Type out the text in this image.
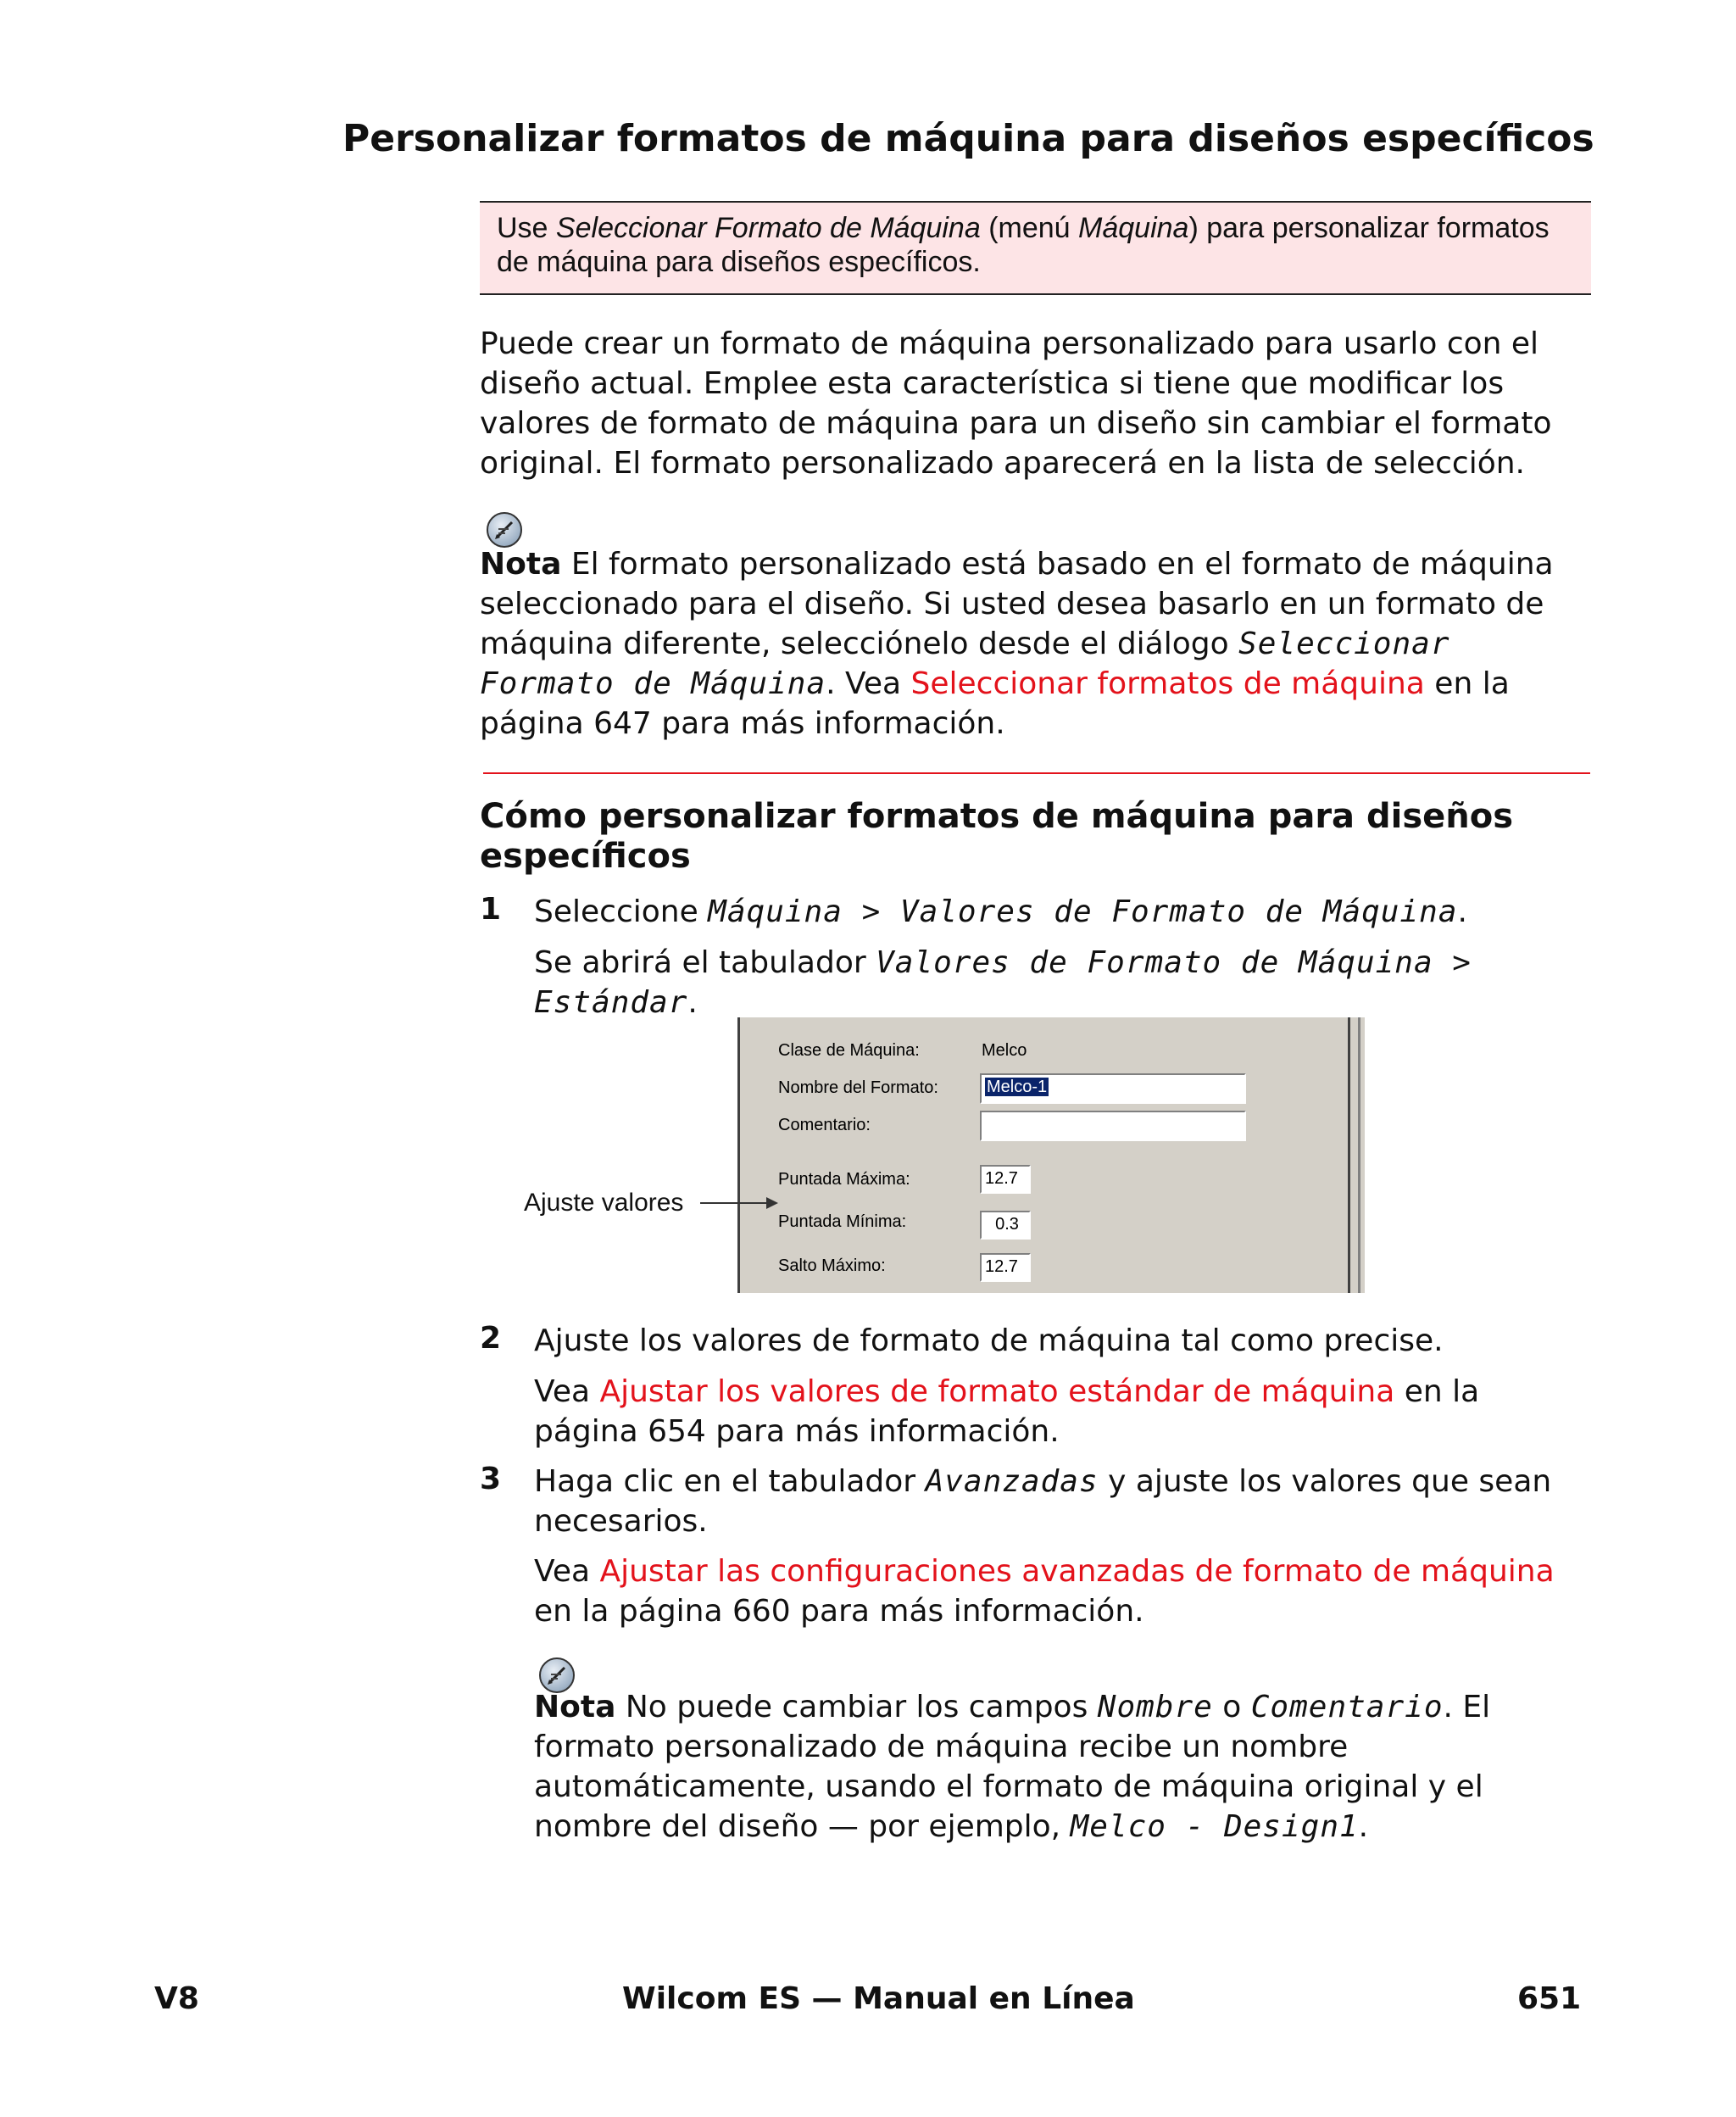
Personalizar formatos de máquina para diseños específicos
Use Seleccionar Formato de Máquina (menú Máquina) para personalizar formatos de máquina para diseños específicos.
Puede crear un formato de máquina personalizado para usarlo con el diseño actual. Emplee esta característica si tiene que modificar los valores de formato de máquina para un diseño sin cambiar el formato original. El formato personalizado aparecerá en la lista de selección.
Nota El formato personalizado está basado en el formato de máquina seleccionado para el diseño. Si usted desea basarlo en un formato de máquina diferente, selecciónelo desde el diálogo Seleccionar Formato de Máquina. Vea Seleccionar formatos de máquina en la página 647 para más información.
Cómo personalizar formatos de máquina para diseños específicos
1 Seleccione Máquina > Valores de Formato de Máquina.
Se abrirá el tabulador Valores de Formato de Máquina > Estándar.
Clase de Máquina:	Melco
Nombre del Formato:	Melco-1
Comentario:
Puntada Máxima:	12.7
Puntada Mínima:	0.3
Salto Máximo:	12.7
Ajuste valores
2 Ajuste los valores de formato de máquina tal como precise.
Vea Ajustar los valores de formato estándar de máquina en la página 654 para más información.
3 Haga clic en el tabulador Avanzadas y ajuste los valores que sean necesarios.
Vea Ajustar las configuraciones avanzadas de formato de máquina en la página 660 para más información.
Nota No puede cambiar los campos Nombre o Comentario. El formato personalizado de máquina recibe un nombre automáticamente, usando el formato de máquina original y el nombre del diseño — por ejemplo, Melco - Design1.
V8	Wilcom ES — Manual en Línea	651
